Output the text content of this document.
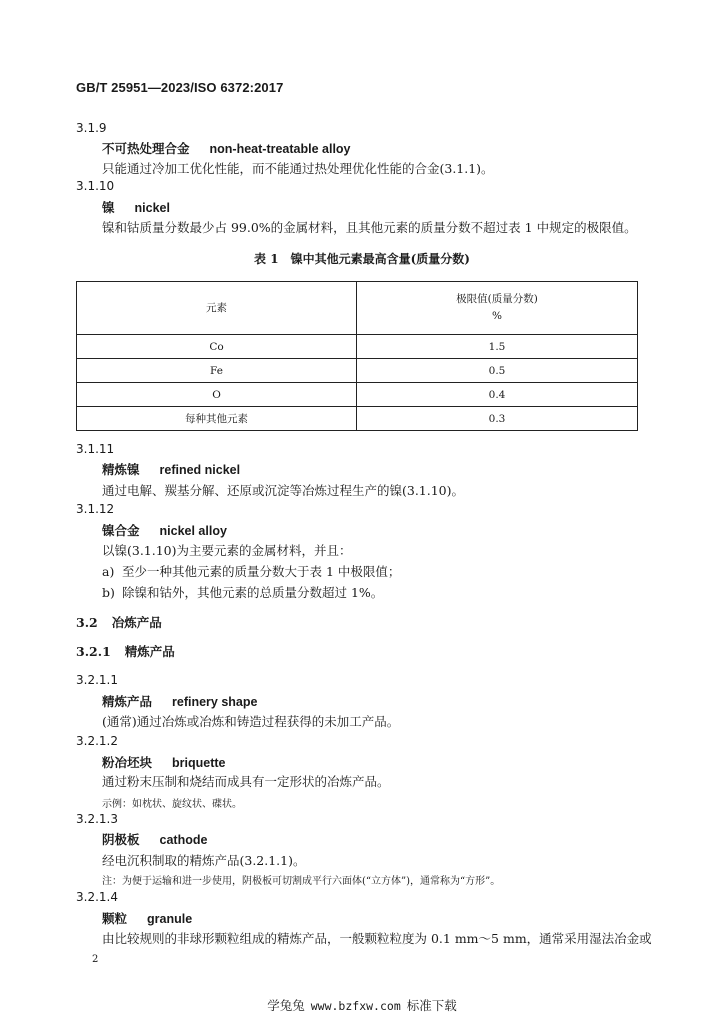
GB/T 25951—2023/ISO 6372:2017
3.1.9
不可热处理合金 non-heat-treatable alloy
只能通过冷加工优化性能，而不能通过热处理优化性能的合金(3.1.1)。
3.1.10
镍 nickel
镍和钴质量分数最少占 99.0%的金属材料，且其他元素的质量分数不超过表 1 中规定的极限值。
表 1　镍中其他元素最高含量(质量分数)
元素	极限值(质量分数)
%

Co	1.5
Fe	0.5
O	0.4
每种其他元素	0.3
3.1.11
精炼镍 refined nickel
通过电解、羰基分解、还原或沉淀等冶炼过程生产的镍(3.1.10)。
3.1.12
镍合金 nickel alloy
以镍(3.1.10)为主要元素的金属材料，并且：
a) 至少一种其他元素的质量分数大于表 1 中极限值；
b) 除镍和钴外，其他元素的总质量分数超过 1%。
3.2 冶炼产品
3.2.1 精炼产品
3.2.1.1
精炼产品 refinery shape
(通常)通过冶炼或冶炼和铸造过程获得的未加工产品。
3.2.1.2
粉冶坯块 briquette
通过粉末压制和烧结而成具有一定形状的冶炼产品。
示例：如枕状、旋纹状、碟状。
3.2.1.3
阴极板 cathode
经电沉积制取的精炼产品(3.2.1.1)。
注：为便于运输和进一步使用，阴极板可切割成平行六面体(“立方体”)，通常称为“方形”。
3.2.1.4
颗粒 granule
由比较规则的非球形颗粒组成的精炼产品，一般颗粒粒度为 0.1 mm～5 mm，通常采用湿法冶金或
2
学兔兔 www.bzfxw.com 标准下载
